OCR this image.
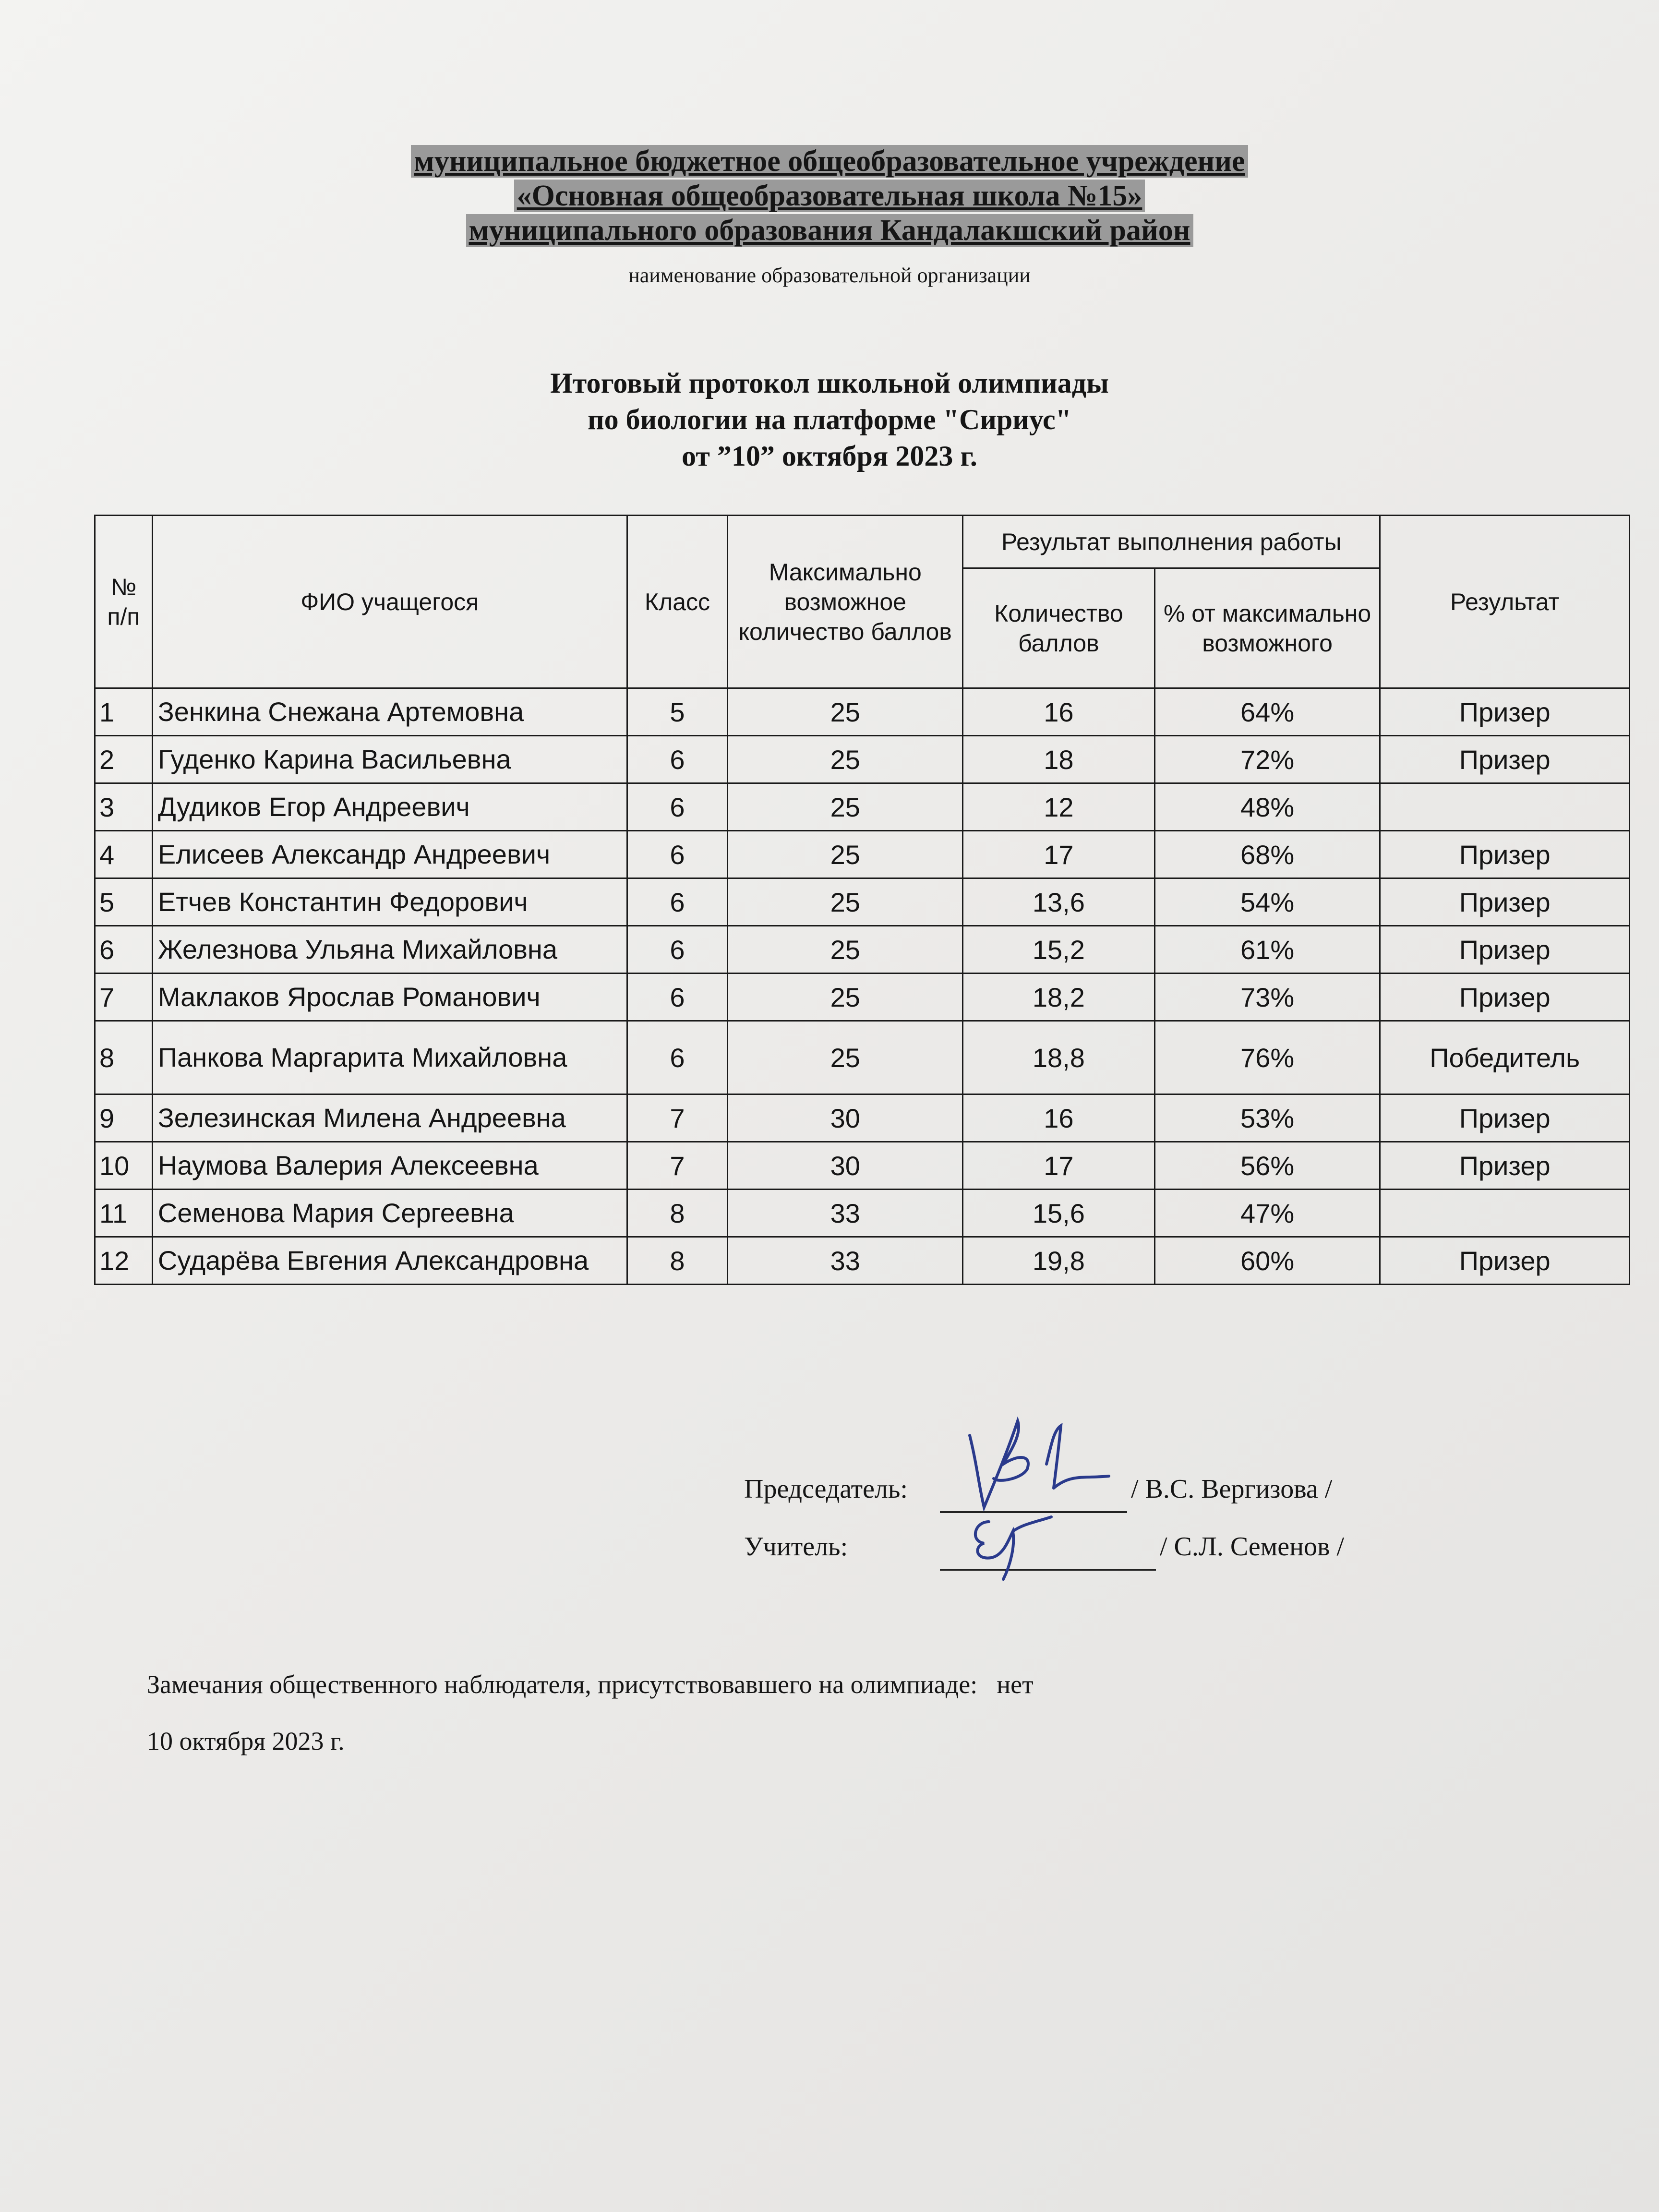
муниципальное бюджетное общеобразовательное учреждение
«Основная общеобразовательная школа №15»
муниципального образования Кандалакшский район
наименование образовательной организации
Итоговый протокол школьной олимпиады
по биологии на платформе "Сириус"
от ”10” октября 2023 г.
№ п/п	ФИО учащегося	Класс	Максимально возможное количество баллов	Результат выполнения работы		Результат
				Количество баллов	% от максимально возможного	
1	Зенкина Снежана Артемовна	5	25	16	64%	Призер
2	Гуденко Карина Васильевна	6	25	18	72%	Призер
3	Дудиков Егор Андреевич	6	25	12	48%	
4	Елисеев Александр Андреевич	6	25	17	68%	Призер
5	Етчев Константин Федорович	6	25	13,6	54%	Призер
6	Железнова Ульяна Михайловна	6	25	15,2	61%	Призер
7	Маклаков Ярослав Романович	6	25	18,2	73%	Призер
8	Панкова Маргарита Михайловна	6	25	18,8	76%	Победитель
9	Зелезинская Милена Андреевна	7	30	16	53%	Призер
10	Наумова Валерия Алексеевна	7	30	17	56%	Призер
11	Семенова Мария Сергеевна	8	33	15,6	47%	
12	Сударёва Евгения Александровна	8	33	19,8	60%	Призер
Председатель:	/ В.С. Вергизова /
Учитель:	/ С.Л. Семенов /
Замечания общественного наблюдателя, присутствовавшего на олимпиаде: нет
10 октября 2023 г.
